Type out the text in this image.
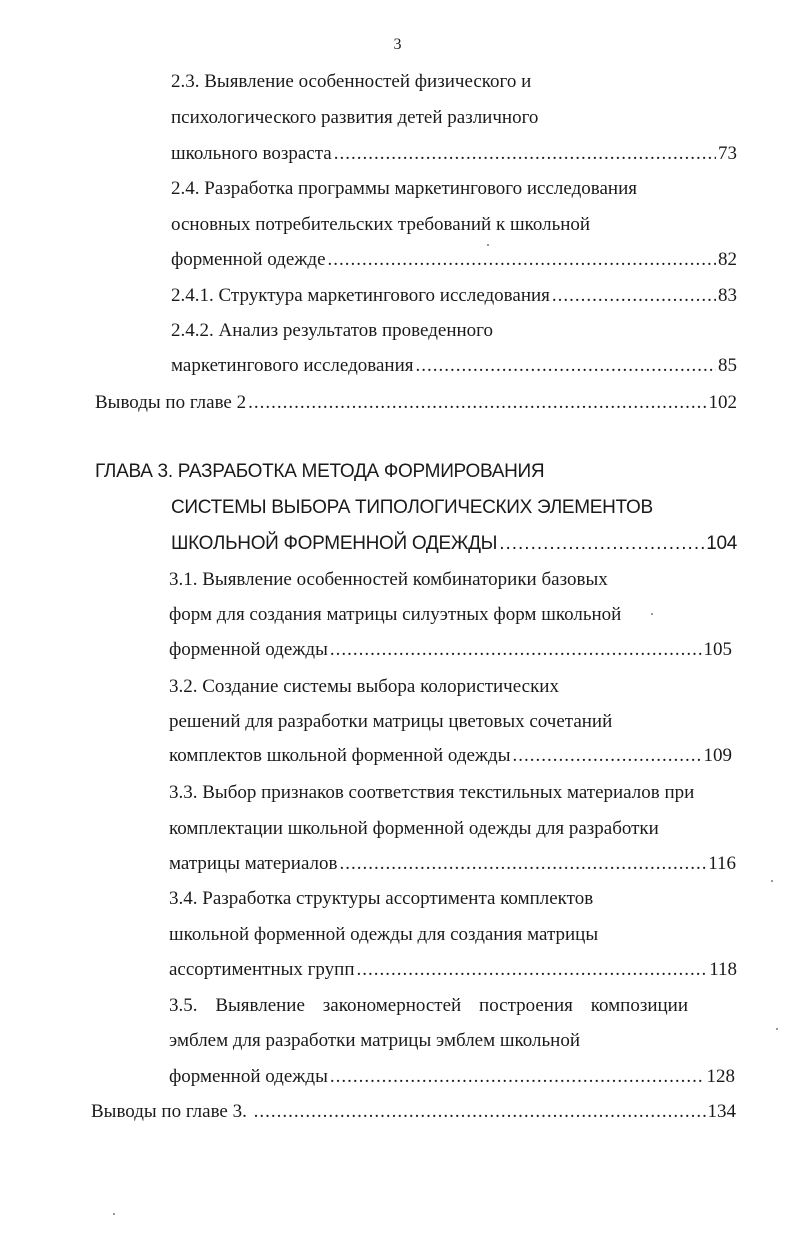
3
2.3. Выявление особенностей физического и
психологического развития детей различного
школьного возраста .....	73
2.4. Разработка программы маркетингового исследования
основных потребительских требований к школьной
форменной одежде .....	82
2.4.1. Структура маркетингового исследования .....	83
2.4.2. Анализ результатов проведенного
маркетингового исследования .....	85
Выводы по главе 2 .....	102
ГЛАВА 3. РАЗРАБОТКА МЕТОДА ФОРМИРОВАНИЯ
СИСТЕМЫ ВЫБОРА ТИПОЛОГИЧЕСКИХ ЭЛЕМЕНТОВ
ШКОЛЬНОЙ ФОРМЕННОЙ ОДЕЖДЫ .....	104
3.1. Выявление особенностей комбинаторики базовых
форм для создания матрицы силуэтных форм школьной
форменной одежды .....	105
3.2. Создание системы выбора колористических
решений для разработки матрицы цветовых сочетаний
комплектов школьной форменной одежды .....	109
3.3. Выбор признаков соответствия текстильных материалов при
комплектации школьной форменной одежды для разработки
матрицы материалов .....	116
3.4. Разработка структуры ассортимента комплектов
школьной форменной одежды для создания матрицы
ассортиментных групп .....	118
3.5. Выявление закономерностей построения композиции
эмблем для разработки матрицы эмблем школьной
форменной одежды .....	128
Выводы по главе 3. .....	134
